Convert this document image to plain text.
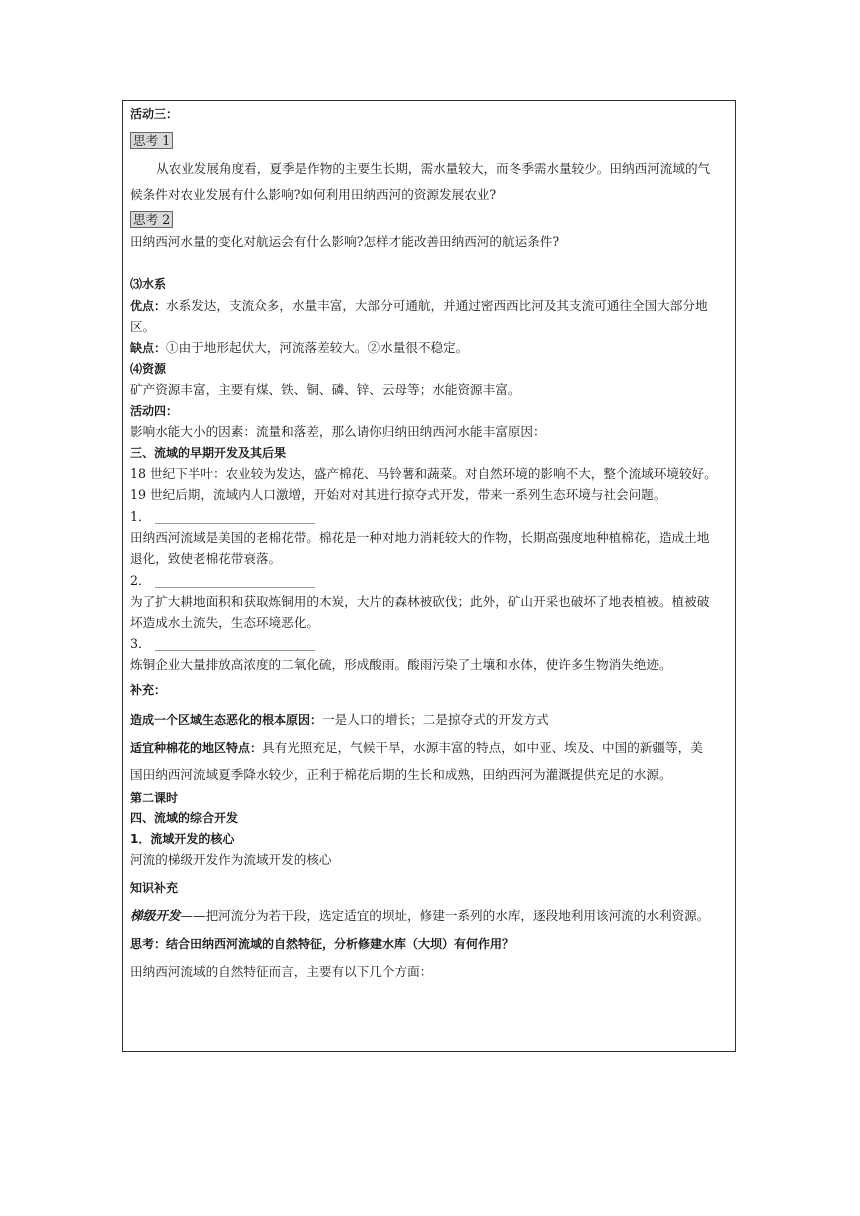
活动三：
思考 1
从农业发展角度看，夏季是作物的主要生长期，需水量较大，而冬季需水量较少。田纳西河流域的气
候条件对农业发展有什么影响?如何利用田纳西河的资源发展农业?
思考 2
田纳西河水量的变化对航运会有什么影响?怎样才能改善田纳西河的航运条件?
⑶水系
优点：水系发达，支流众多，水量丰富，大部分可通航，并通过密西西比河及其支流可通往全国大部分地
区。
缺点：①由于地形起伏大，河流落差较大。②水量很不稳定。
⑷资源
矿产资源丰富，主要有煤、铁、铜、磷、锌、云母等；水能资源丰富。
活动四：
影响水能大小的因素：流量和落差，那么请你归纳田纳西河水能丰富原因：
三、流域的早期开发及其后果
18 世纪下半叶：农业较为发达，盛产棉花、马铃薯和蔬菜。对自然环境的影响不大，整个流域环境较好。
19 世纪后期，流域内人口激增，开始对对其进行掠夺式开发，带来一系列生态环境与社会问题。
1．
田纳西河流域是美国的老棉花带。棉花是一种对地力消耗较大的作物，长期高强度地种植棉花，造成土地
退化，致使老棉花带衰落。
2．
为了扩大耕地面积和获取炼铜用的木炭，大片的森林被砍伐；此外，矿山开采也破坏了地表植被。植被破
坏造成水土流失，生态环境恶化。
3．
炼铜企业大量排放高浓度的二氧化硫，形成酸雨。酸雨污染了土壤和水体，使许多生物消失绝迹。
补充：
造成一个区域生态恶化的根本原因：一是人口的增长；二是掠夺式的开发方式
适宜种棉花的地区特点：具有光照充足，气候干旱，水源丰富的特点，如中亚、埃及、中国的新疆等，美
国田纳西河流域夏季降水较少，正利于棉花后期的生长和成熟，田纳西河为灌溉提供充足的水源。
第二课时
四、流域的综合开发
1．流域开发的核心
河流的梯级开发作为流域开发的核心
知识补充
梯级开发——把河流分为若干段，选定适宜的坝址，修建一系列的水库，逐段地利用该河流的水利资源。
思考：结合田纳西河流域的自然特征，分析修建水库（大坝）有何作用？
田纳西河流域的自然特征而言，主要有以下几个方面：
